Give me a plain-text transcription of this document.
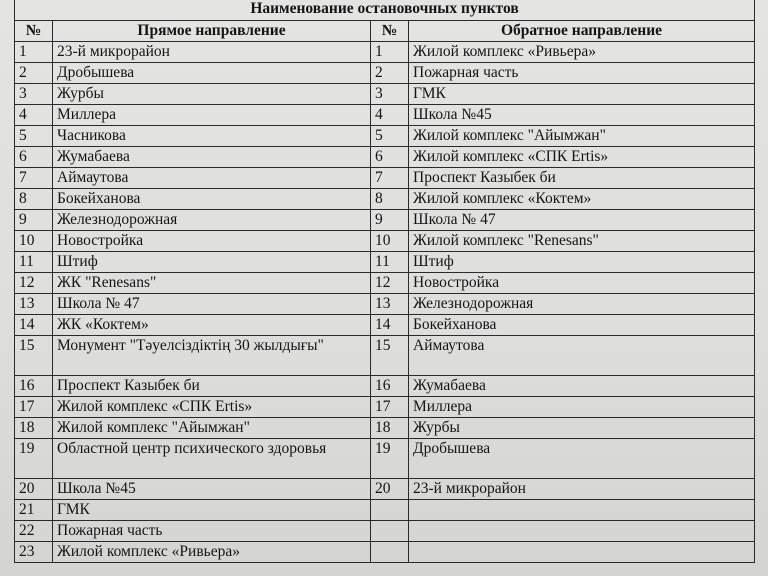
Наименование остановочных пунктов			
№	Прямое направление	№	Обратное направление
1	23-й микрорайон	1	Жилой комплекс «Ривьера»
2	Дробышева	2	Пожарная часть
3	Журбы	3	ГМК
4	Миллера	4	Школа №45
5	Часникова	5	Жилой комплекс "Айымжан"
6	Жумабаева	6	Жилой комплекс «СПК Ertis»
7	Аймаутова	7	Проспект Казыбек би
8	Бокейханова	8	Жилой комплекс «Коктем»
9	Железнодорожная	9	Школа № 47
10	Новостройка	10	Жилой комплекс "Renesans"
11	Штиф	11	Штиф
12	ЖК "Renesans"	12	Новостройка
13	Школа № 47	13	Железнодорожная
14	ЖК «Коктем»	14	Бокейханова
15	Монумент "Тәуелсіздіктің 30 жылдығы"	15	Аймаутова
16	Проспект Казыбек би	16	Жумабаева
17	Жилой комплекс «СПК Ertis»	17	Миллера
18	Жилой комплекс "Айымжан"	18	Журбы
19	Областной центр психического здоровья	19	Дробышева
20	Школа №45	20	23-й микрорайон
21	ГМК		
22	Пожарная часть		
23	Жилой комплекс «Ривьера»		
